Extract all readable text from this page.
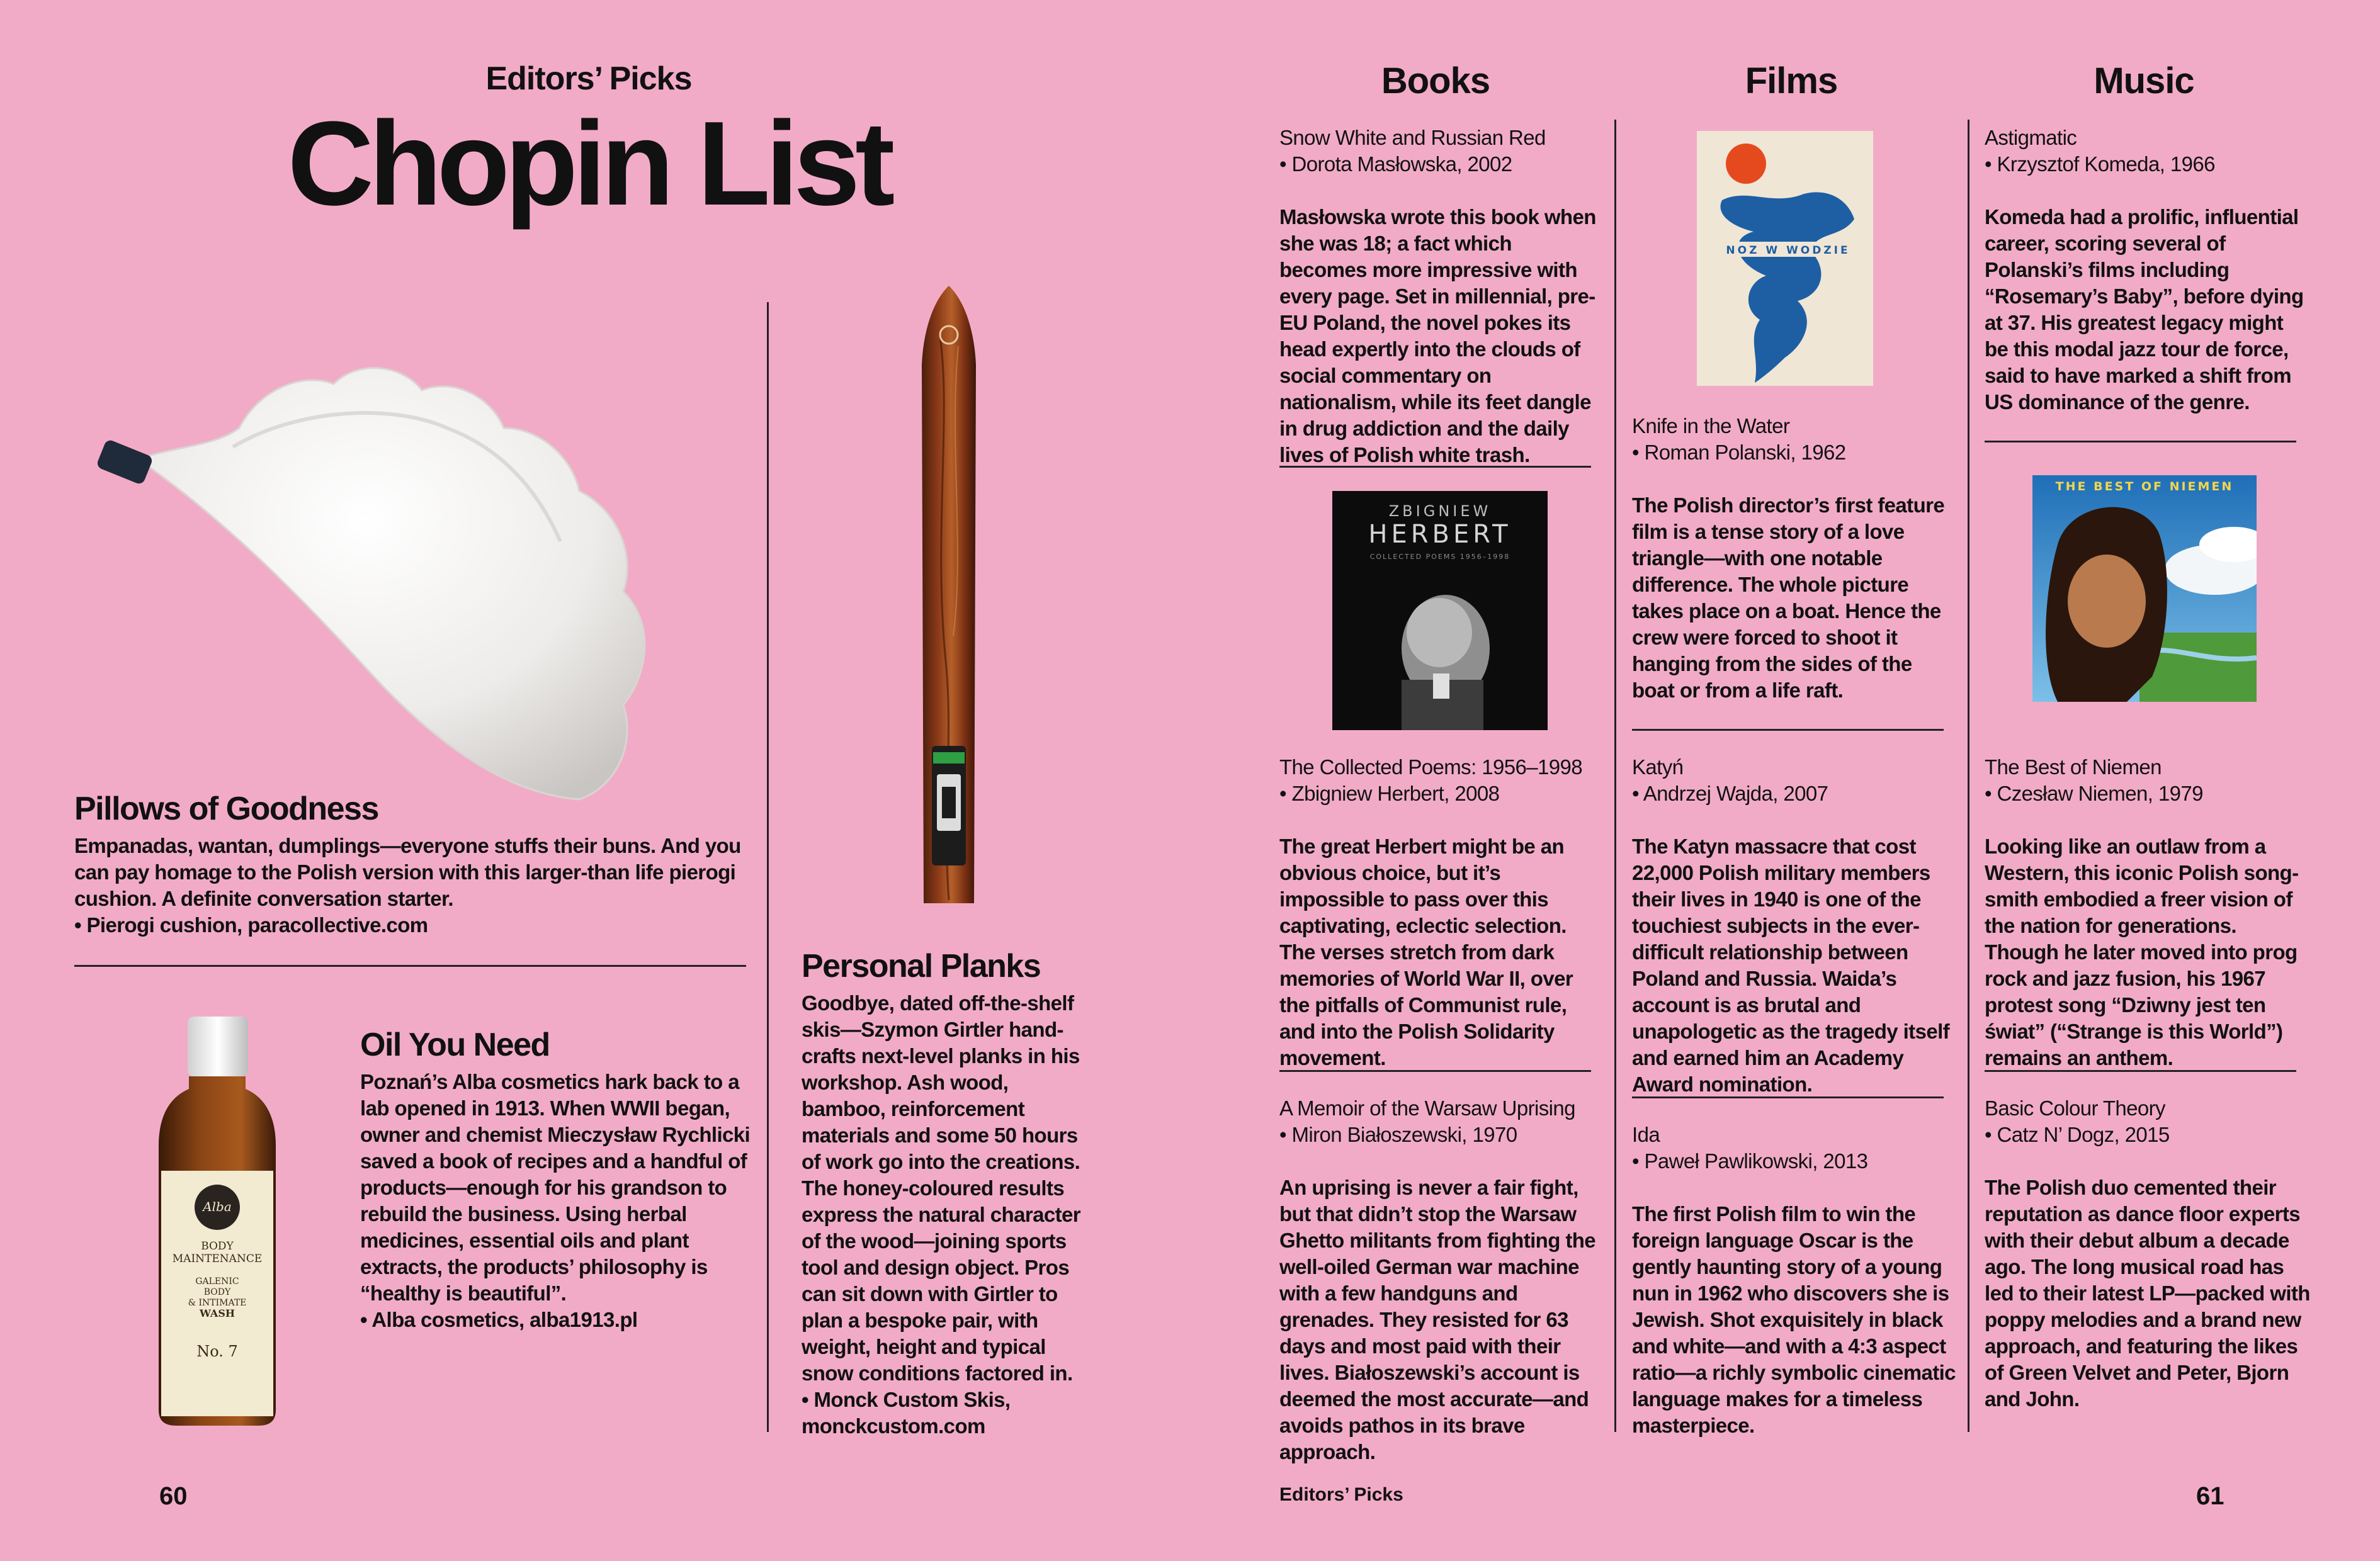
Editors’ Picks
Chopin List
Books	Films	Music
Pillows of Goodness
Empanadas, wantan, dumplings—everyone stuffs their buns. And you can pay homage to the Polish version with this larger-than life pierogi cushion. A definite conversation starter.
• Pierogi cushion, paracollective.com
Alba
BODY
MAINTENANCE
GALENIC
BODY
& INTIMATE
WASH
No. 7
Oil You Need
Poznań’s Alba cosmetics hark back to a lab opened in 1913. When WWII began, owner and chemist Mieczysław Rychlicki saved a book of recipes and a handful of products—enough for his grandson to rebuild the business. Using herbal medicines, essential oils and plant extracts, the products’ philosophy is “healthy is beautiful”.
• Alba cosmetics, alba1913.pl
Personal Planks
Goodbye, dated off-the-shelf skis—Szymon Girtler hand-crafts next-level planks in his workshop. Ash wood, bamboo, reinforcement materials and some 50 hours of work go into the creations. The honey-coloured results express the natural character of the wood—joining sports tool and design object. Pros can sit down with Girtler to plan a bespoke pair, with weight, height and typical snow conditions factored in.
• Monck Custom Skis, monckcustom.com
Snow White and Russian Red
• Dorota Masłowska, 2002
Masłowska wrote this book when she was 18; a fact which becomes more impressive with every page. Set in millennial, pre-EU Poland, the novel pokes its head expertly into the clouds of social commentary on nationalism, while its feet dangle in drug addiction and the daily lives of Polish white trash.
ZBIGNIEW
HERBERT
COLLECTED POEMS 1956–1998
The Collected Poems: 1956–1998
• Zbigniew Herbert, 2008
The great Herbert might be an obvious choice, but it’s impossible to pass over this captivating, eclectic selection. The verses stretch from dark memories of World War II, over the pitfalls of Communist rule, and into the Polish Solidarity movement.
A Memoir of the Warsaw Uprising
• Miron Białoszewski, 1970
An uprising is never a fair fight, but that didn’t stop the Warsaw Ghetto militants from fighting the well-oiled German war machine with a few handguns and grenades. They resisted for 63 days and most paid with their lives. Białoszewski’s account is deemed the most accurate—and avoids pathos in its brave approach.
NOZ W WODZIE
Knife in the Water
• Roman Polanski, 1962
The Polish director’s first feature film is a tense story of a love triangle—with one notable difference. The whole picture takes place on a boat. Hence the crew were forced to shoot it hanging from the sides of the boat or from a life raft.
Katyń
• Andrzej Wajda, 2007
The Katyn massacre that cost 22,000 Polish military members their lives in 1940 is one of the touchiest subjects in the ever-difficult relationship between Poland and Russia. Waida’s account is as brutal and unapologetic as the tragedy itself and earned him an Academy Award nomination.
Ida
• Paweł Pawlikowski, 2013
The first Polish film to win the foreign language Oscar is the gently haunting story of a young nun in 1962 who discovers she is Jewish. Shot exquisitely in black and white—and with a 4:3 aspect ratio—a richly symbolic cinematic language makes for a timeless masterpiece.
Astigmatic
• Krzysztof Komeda, 1966
Komeda had a prolific, influential career, scoring several of Polanski’s films including “Rosemary’s Baby”, before dying at 37. His greatest legacy might be this modal jazz tour de force, said to have marked a shift from US dominance of the genre.
THE BEST OF NIEMEN
The Best of Niemen
• Czesław Niemen, 1979
Looking like an outlaw from a Western, this iconic Polish song-smith embodied a freer vision of the nation for generations. Though he later moved into prog rock and jazz fusion, his 1967 protest song “Dziwny jest ten świat” (“Strange is this World”) remains an anthem.
Basic Colour Theory
• Catz N’ Dogz, 2015
The Polish duo cemented their reputation as dance floor experts with their debut album a decade ago. The long musical road has led to their latest LP—packed with poppy melodies and a brand new approach, and featuring the likes of Green Velvet and Peter, Bjorn and John.
60	Editors’ Picks	61
